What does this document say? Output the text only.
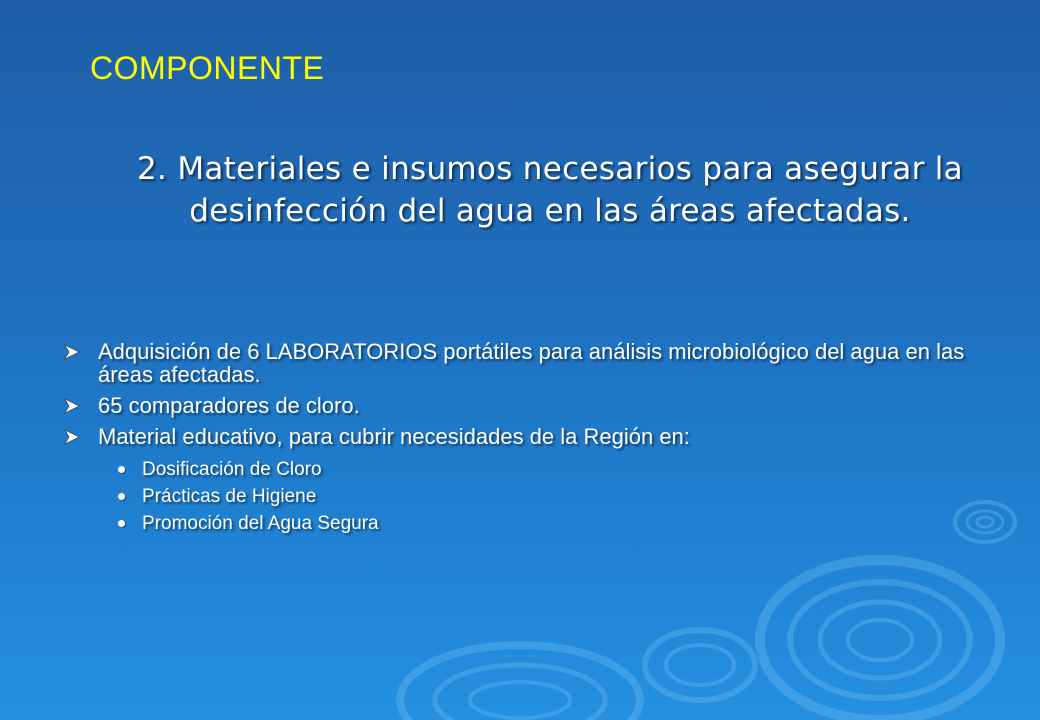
COMPONENTE
2. Materiales e insumos necesarios para asegurar la
desinfección del agua en las áreas afectadas.
Adquisición de 6 LABORATORIOS portátiles para análisis microbiológico del agua en las áreas afectadas.
65 comparadores de cloro.
Material educativo, para cubrir necesidades de la Región en:
Dosificación de Cloro
Prácticas de Higiene
Promoción del Agua Segura
